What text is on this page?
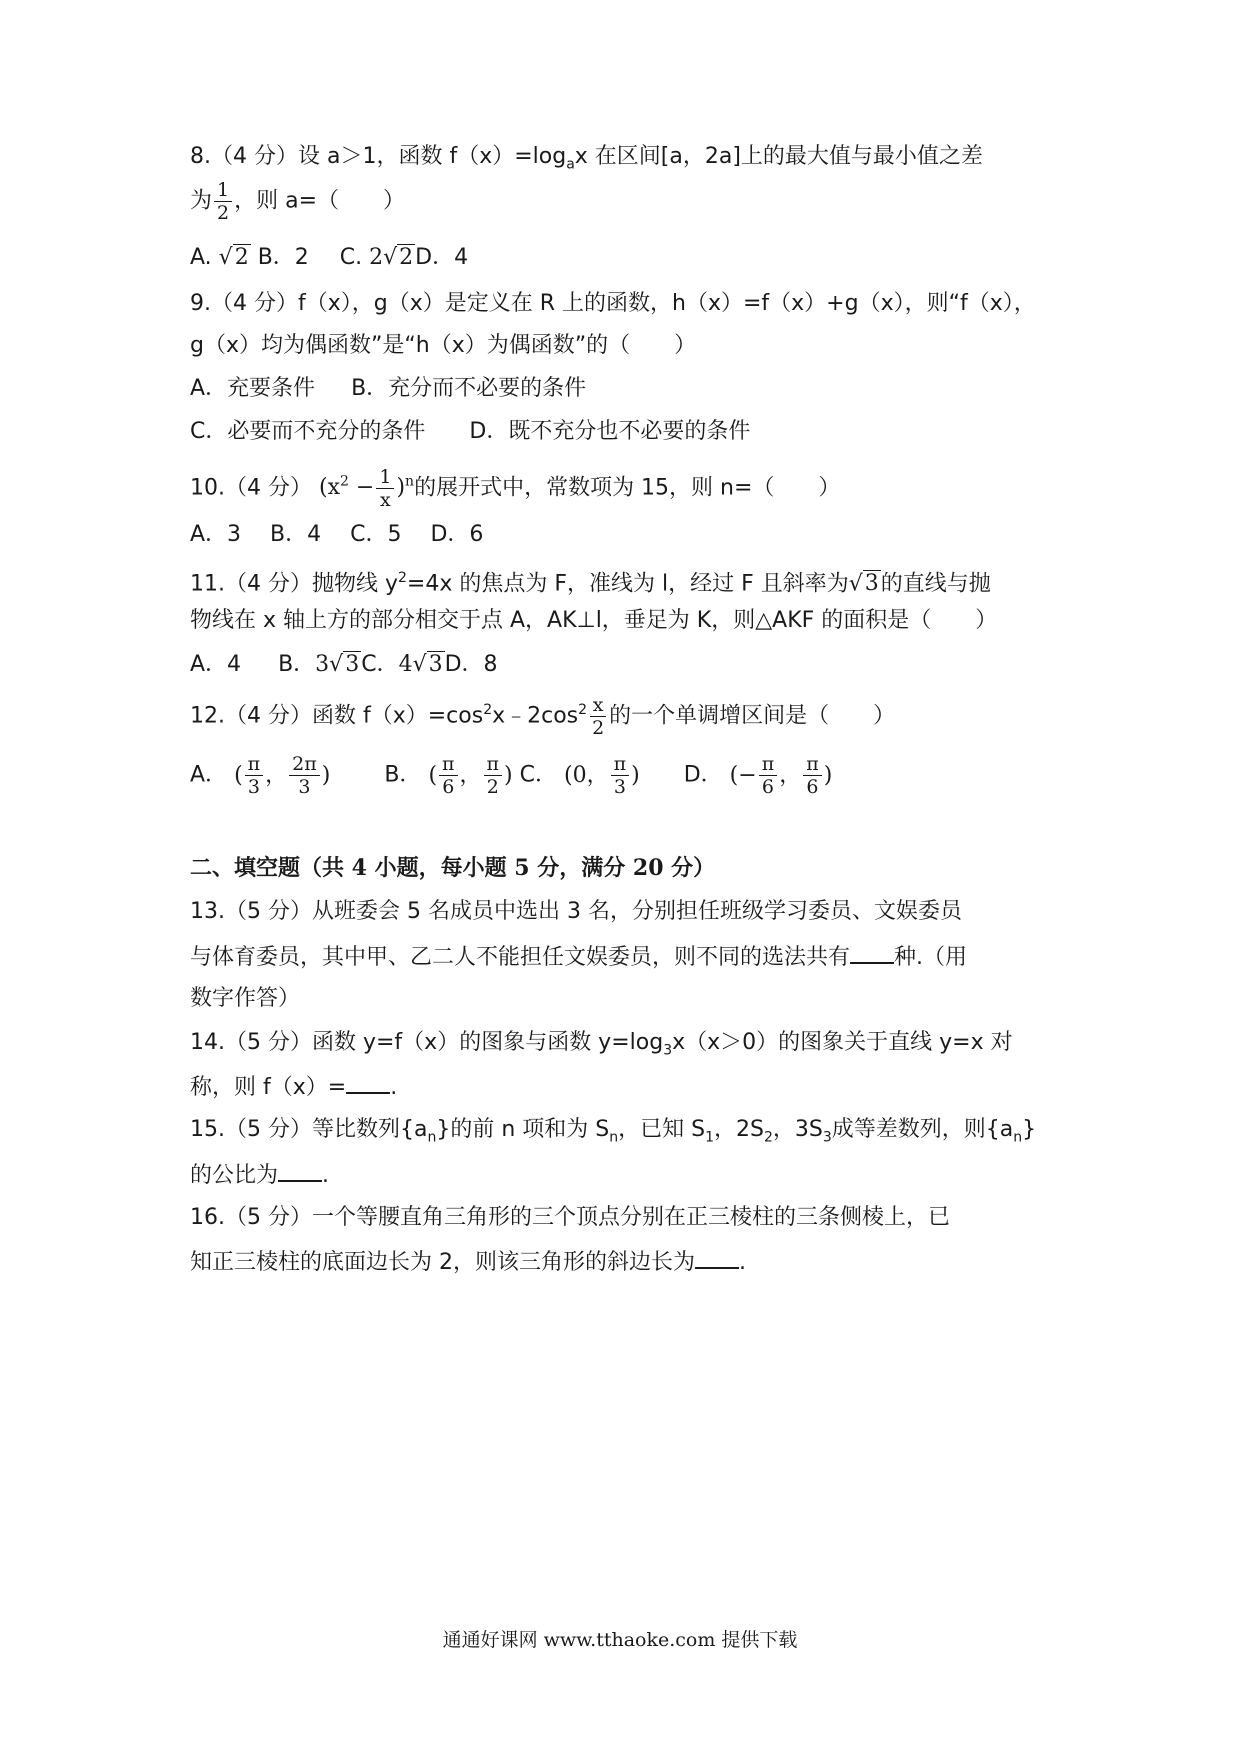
8.（4 分）设 a＞1，函数 $f(x)=\log_ax$ 在区间[a，2a]上的最大值与最小值之差
为 $\frac{1}{2}$ ，则 a=（　　）
A. √2 B．2 C. 2√2D．4
9.（4 分）f（x），g（x）是定义在 R 上的函数，h（x）=f（x）+g（x），则“f（x），
g（x）均为偶函数”是“h（x）为偶函数”的（　　）
A．充要条件 B．充分而不必要的条件
C．必要而不充分的条件 D．既不充分也不必要的条件
10.（4 分） $(x^2 - \frac{1}{x} )^n$的展开式中，常数项为 15，则 n=（　　）
A．3　 B．4　 C．5　 D．6
11.（4 分）抛物线 $y^2=4x$ 的焦点为 F，准线为 l，经过 F 且斜率为√3的直线与抛
物线在 x 轴上方的部分相交于点 A，AK⊥l，垂足为 K，则△AKF 的面积是（　　）
A．4 B．3√3C．4√3D．8
12.（4 分）函数 $f(x)=\cos^2x﹣2\cos^2 \frac{x}{2}$ 的一个单调增区间是（　　）
A． ( $\frac{\pi}{3}$ ， $\frac{2\pi}{3}$ ) B． ( $\frac{\pi}{6}$ ， $\frac{\pi}{2}$ ) C． (0， $\frac{\pi}{3}$ ) D． (− $\frac{\pi}{6}$ ， $\frac{\pi}{6}$ )
二、填空题（共 4 小题，每小题 5 分，满分 20 分）
13.（5 分）从班委会 5 名成员中选出 3 名，分别担任班级学习委员、文娱委员
与体育委员，其中甲、乙二人不能担任文娱委员，则不同的选法共有 种.（用
数字作答）
14.（5 分）函数 y=f（x）的图象与函数 $y=\log_3x(x>0)$的图象关于直线 y=x 对
称，则 f（x）= .
15.（5 分）等比数列$\{a_n\}$的前 n 项和为 $S_n$，已知 $S_1$，$2S_2$，$3S_3$成等差数列，则$\{a_n\}$
的公比为 .
16.（5 分）一个等腰直角三角形的三个顶点分别在正三棱柱的三条侧棱上，已
知正三棱柱的底面边长为 2，则该三角形的斜边长为 .
通通好课网 www.tthaoke.com 提供下载
